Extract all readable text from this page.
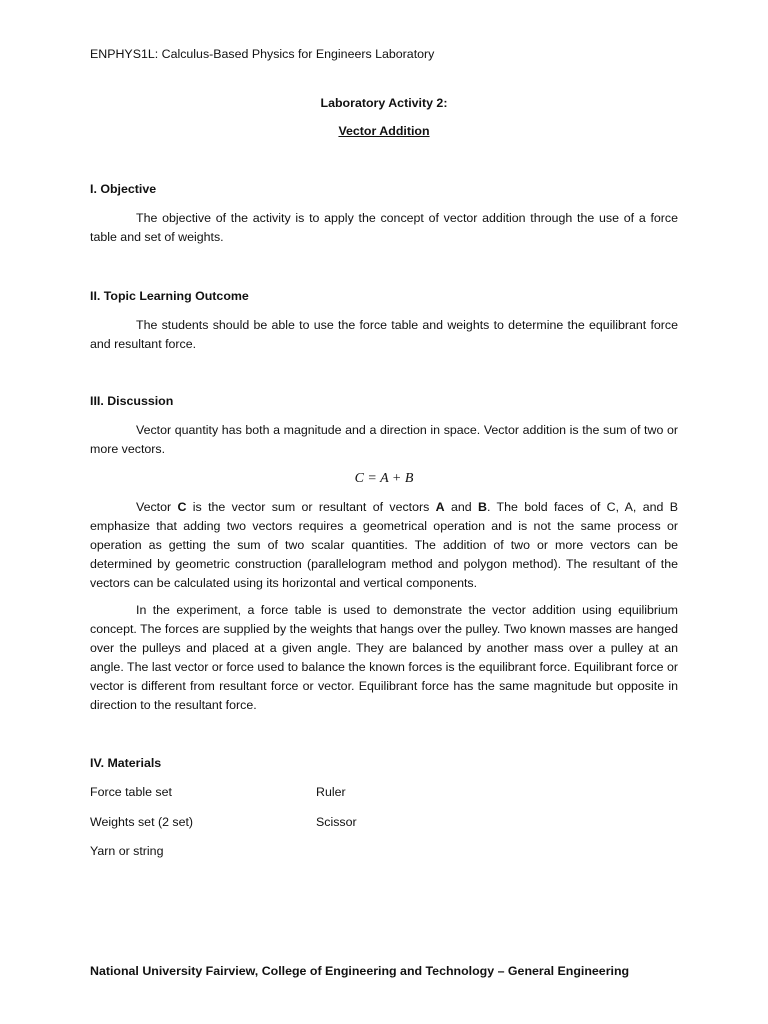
ENPHYS1L: Calculus-Based Physics for Engineers Laboratory
Laboratory Activity 2:
Vector Addition
I. Objective
The objective of the activity is to apply the concept of vector addition through the use of a force table and set of weights.
II. Topic Learning Outcome
The students should be able to use the force table and weights to determine the equilibrant force and resultant force.
III. Discussion
Vector quantity has both a magnitude and a direction in space. Vector addition is the sum of two or more vectors.
C = A + B
Vector C is the vector sum or resultant of vectors A and B. The bold faces of C, A, and B emphasize that adding two vectors requires a geometrical operation and is not the same process or operation as getting the sum of two scalar quantities. The addition of two or more vectors can be determined by geometric construction (parallelogram method and polygon method). The resultant of the vectors can be calculated using its horizontal and vertical components.
In the experiment, a force table is used to demonstrate the vector addition using equilibrium concept. The forces are supplied by the weights that hangs over the pulley. Two known masses are hanged over the pulleys and placed at a given angle. They are balanced by another mass over a pulley at an angle. The last vector or force used to balance the known forces is the equilibrant force. Equilibrant force or vector is different from resultant force or vector. Equilibrant force has the same magnitude but opposite in direction to the resultant force.
IV. Materials
Force table set	Ruler
Weights set (2 set)	Scissor
Yarn or string
National University Fairview, College of Engineering and Technology – General Engineering
